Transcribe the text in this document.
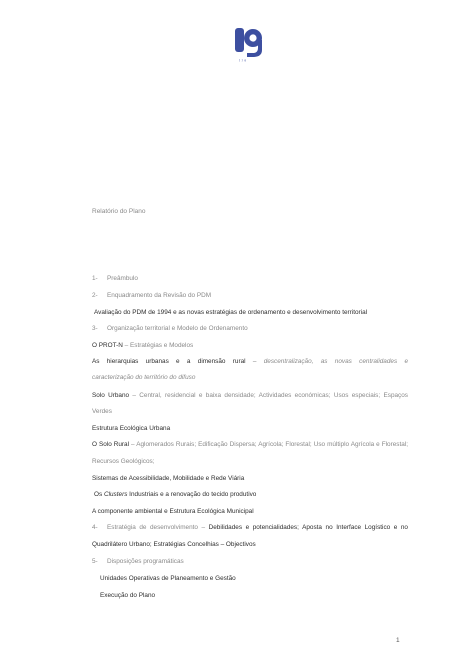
[ ] g
Relatório do Plano
1- Preâmbulo
2- Enquadramento da Revisão do PDM
Avaliação do PDM de 1994 e as novas estratégias de ordenamento e desenvolvimento territorial
3- Organização territorial e Modelo de Ordenamento
O PROT-N – Estratégias e Modelos
As hierarquias urbanas e a dimensão rural – descentralização, as novas centralidades e
caracterização do território do difuso
Solo Urbano – Central, residencial e baixa densidade; Actividades económicas; Usos especiais; Espaços
Verdes
Estrutura Ecológica Urbana
O Solo Rural – Aglomerados Rurais; Edificação Dispersa; Agrícola; Florestal; Uso múltiplo Agrícola e Florestal;
Recursos Geológicos;
Sistemas de Acessibilidade, Mobilidade e Rede Viária
Os Clusters Industriais e a renovação do tecido produtivo
A componente ambiental e Estrutura Ecológica Municipal
4- Estratégia de desenvolvimento – Debilidades e potencialidades; Aposta no Interface Logístico e no
Quadrilátero Urbano; Estratégias Concelhias – Objectivos
5- Disposições programáticas
Unidades Operativas de Planeamento e Gestão
Execução do Plano
1
